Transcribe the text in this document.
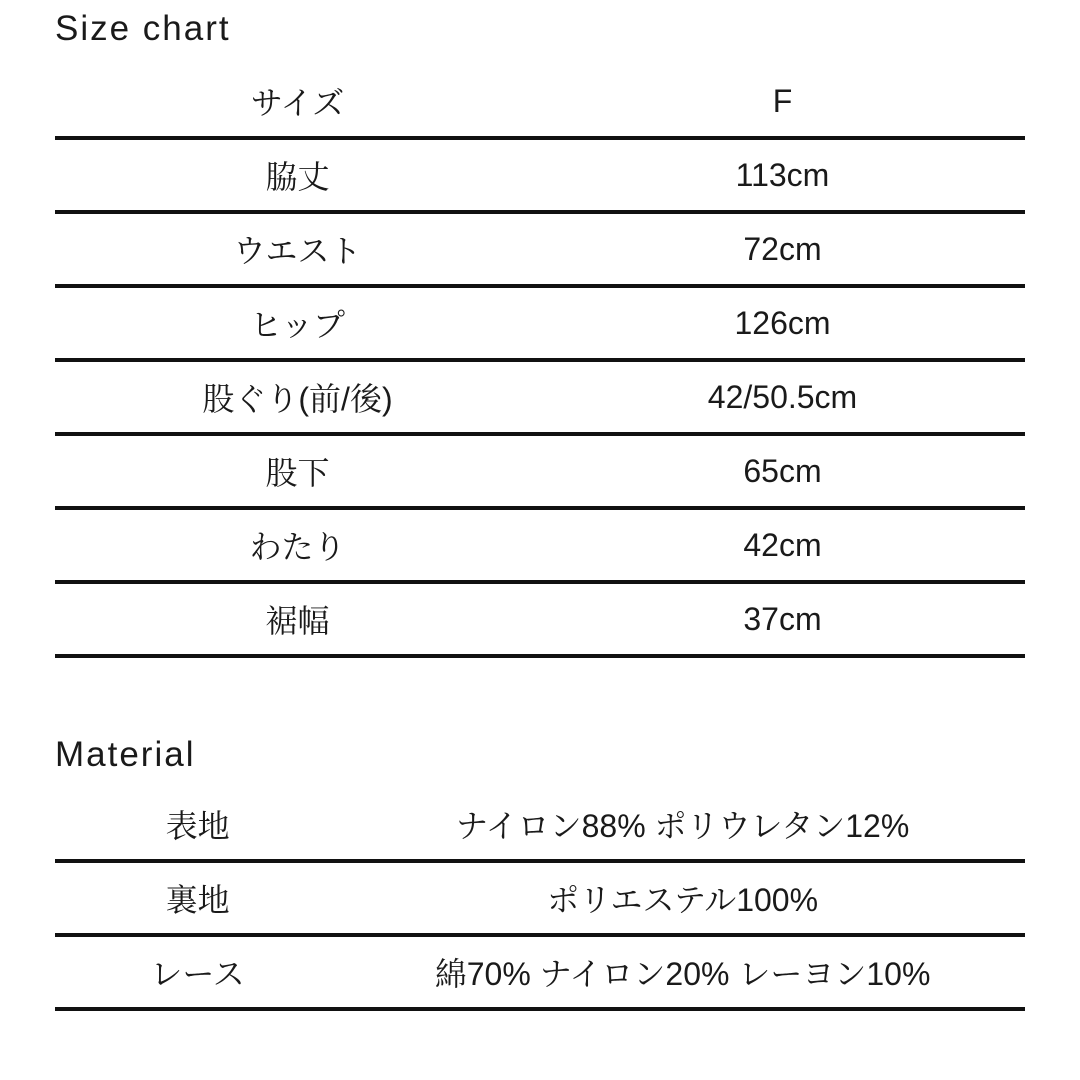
Size chart
サイズ	F
脇丈	113cm
ウエスト	72cm
ヒップ	126cm
股ぐり(前/後)	42/50.5cm
股下	65cm
わたり	42cm
裾幅	37cm
Material
表地	ナイロン88% ポリウレタン12%
裏地	ポリエステル100%
レース	綿70% ナイロン20% レーヨン10%
